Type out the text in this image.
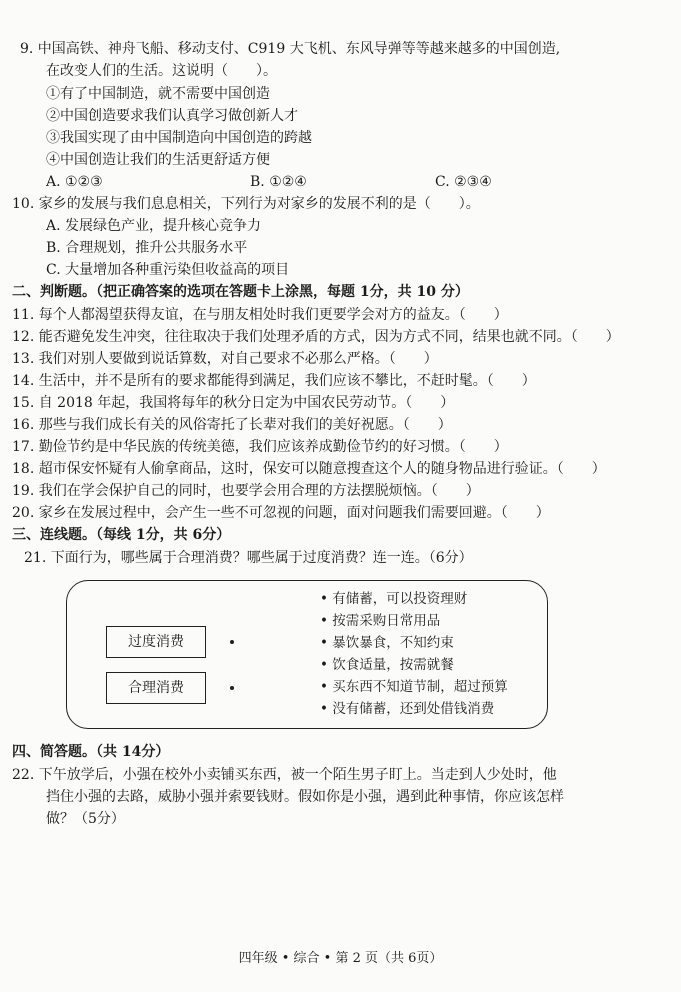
9. 中国高铁、神舟飞船、移动支付、C919 大飞机、东风导弹等等越来越多的中国创造,
在改变人们的生活。这说明（　　）。
①有了中国制造，就不需要中国创造
②中国创造要求我们认真学习做创新人才
③我国实现了由中国制造向中国创造的跨越
④中国创造让我们的生活更舒适方便
A. ①②③	B. ①②④	C. ②③④
10. 家乡的发展与我们息息相关，下列行为对家乡的发展不利的是（　　）。
A. 发展绿色产业，提升核心竞争力
B. 合理规划，推升公共服务水平
C. 大量增加各种重污染但收益高的项目
二、判断题。（把正确答案的选项在答题卡上涂黑，每题 1分，共 10 分）
11. 每个人都渴望获得友谊，在与朋友相处时我们更要学会对方的益友。（　　）
12. 能否避免发生冲突，往往取决于我们处理矛盾的方式，因为方式不同，结果也就不同。（　　）
13. 我们对别人要做到说话算数，对自己要求不必那么严格。（　　）
14. 生活中，并不是所有的要求都能得到满足，我们应该不攀比，不赶时髦。（　　）
15. 自 2018 年起，我国将每年的秋分日定为中国农民劳动节。（　　）
16. 那些与我们成长有关的风俗寄托了长辈对我们的美好祝愿。（　　）
17. 勤俭节约是中华民族的传统美德，我们应该养成勤俭节约的好习惯。（　　）
18. 超市保安怀疑有人偷拿商品，这时，保安可以随意搜查这个人的随身物品进行验证。（　　）
19. 我们在学会保护自己的同时，也要学会用合理的方法摆脱烦恼。（　　）
20. 家乡在发展过程中，会产生一些不可忽视的问题，面对问题我们需要回避。（　　）
三、连线题。（每线 1分，共 6分）
21. 下面行为，哪些属于合理消费？哪些属于过度消费？连一连。（6分）
过度消费
合理消费
• 有储蓄，可以投资理财
• 按需采购日常用品
• 暴饮暴食，不知约束
• 饮食适量，按需就餐
• 买东西不知道节制，超过预算
• 没有储蓄，还到处借钱消费
四、简答题。（共 14分）
22. 下午放学后，小强在校外小卖铺买东西，被一个陌生男子盯上。当走到人少处时，他
挡住小强的去路，威胁小强并索要钱财。假如你是小强，遇到此种事情，你应该怎样
做？（5分）
四年级 • 综合 • 第 2 页（共 6页）
